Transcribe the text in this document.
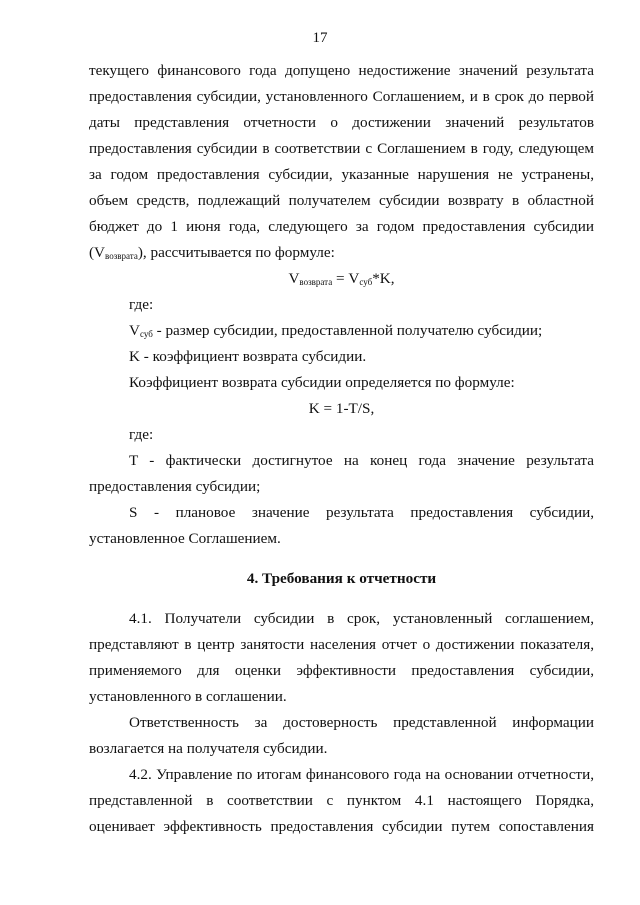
17
текущего финансового года допущено недостижение значений результата
предоставления субсидии, установленного Соглашением, и в срок до первой
даты представления отчетности о достижении значений результатов
предоставления субсидии в соответствии с Соглашением в году, следующем
за годом предоставления субсидии, указанные нарушения не устранены,
объем средств, подлежащий получателем субсидии возврату в областной
бюджет до 1 июня года, следующего за годом предоставления субсидии
$(V_{возврата})$, рассчитывается по формуле:
$V_{возврата} = V_{суб}*K$,
где:
$V_{суб}$ - размер субсидии, предоставленной получателю субсидии;
K - коэффициент возврата субсидии.
Коэффициент возврата субсидии определяется по формуле:
K = 1-T/S,
где:
T - фактически достигнутое на конец года значение результата
предоставления субсидии;
S - плановое значение результата предоставления субсидии,
установленное Соглашением.
4. Требования к отчетности
4.1. Получатели субсидии в срок, установленный соглашением,
представляют в центр занятости населения отчет о достижении показателя,
применяемого для оценки эффективности предоставления субсидии,
установленного в соглашении.
Ответственность за достоверность представленной информации
возлагается на получателя субсидии.
4.2. Управление по итогам финансового года на основании отчетности,
представленной в соответствии с пунктом 4.1 настоящего Порядка,
оценивает эффективность предоставления субсидии путем сопоставления
